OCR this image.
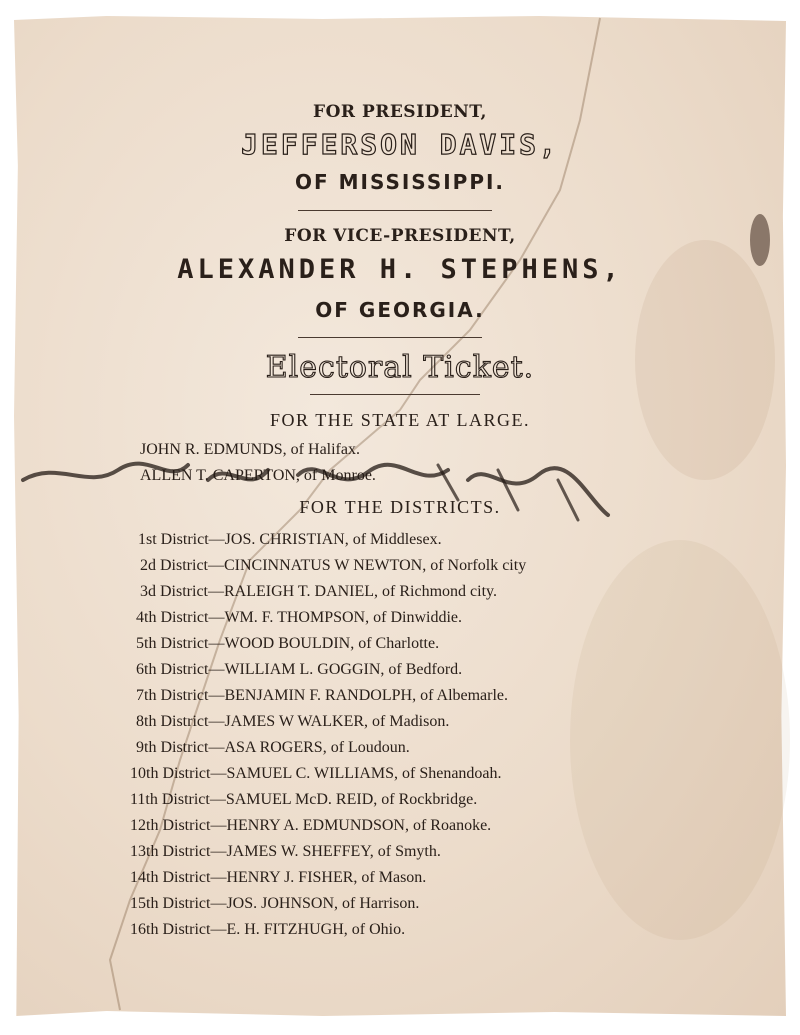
FOR PRESIDENT,
JEFFERSON DAVIS,
OF MISSISSIPPI.
FOR VICE-PRESIDENT,
ALEXANDER H. STEPHENS,
OF GEORGIA.
Electoral Ticket.
FOR THE STATE AT LARGE.
JOHN R. EDMUNDS, of Halifax.
ALLEN T. CAPERTON, of Monroe.
FOR THE DISTRICTS.
1st District—JOS. CHRISTIAN, of Middlesex.
2d District—CINCINNATUS W NEWTON, of Norfolk city
3d District—RALEIGH T. DANIEL, of Richmond city.
4th District—WM. F. THOMPSON, of Dinwiddie.
5th District—WOOD BOULDIN, of Charlotte.
6th District—WILLIAM L. GOGGIN, of Bedford.
7th District—BENJAMIN F. RANDOLPH, of Albemarle.
8th District—JAMES W WALKER, of Madison.
9th District—ASA ROGERS, of Loudoun.
10th District—SAMUEL C. WILLIAMS, of Shenandoah.
11th District—SAMUEL McD. REID, of Rockbridge.
12th District—HENRY A. EDMUNDSON, of Roanoke.
13th District—JAMES W. SHEFFEY, of Smyth.
14th District—HENRY J. FISHER, of Mason.
15th District—JOS. JOHNSON, of Harrison.
16th District—E. H. FITZHUGH, of Ohio.
